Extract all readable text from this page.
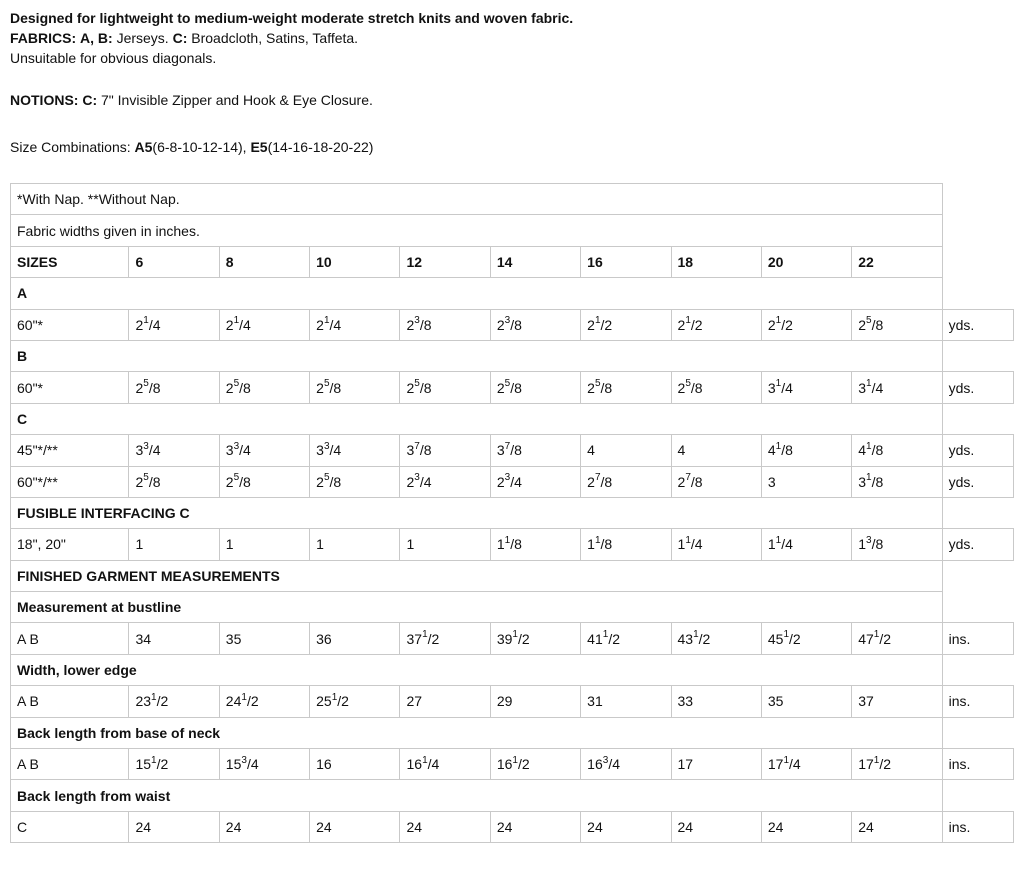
Designed for lightweight to medium-weight moderate stretch knits and woven fabric.

FABRICS: A, B: Jerseys. C: Broadcloth, Satins, Taffeta.

Unsuitable for obvious diagonals.

NOTIONS: C: 7" Invisible Zipper and Hook & Eye Closure.

Size Combinations: A5(6-8-10-12-14), E5(14-16-18-20-22)

*With Nap. **Without Nap.										
Fabric widths given in inches.										
SIZES	6	8	10	12	14	16	18	20	22	
A										
60"*	$2^1/4$	$2^1/4$	$2^1/4$	$2^3/8$	$2^3/8$	$2^1/2$	$2^1/2$	$2^1/2$	$2^5/8$	yds.
B										
60"*	$2^5/8$	$2^5/8$	$2^5/8$	$2^5/8$	$2^5/8$	$2^5/8$	$2^5/8$	$3^1/4$	$3^1/4$	yds.
C										
45"*/**	$3^3/4$	$3^3/4$	$3^3/4$	$3^7/8$	$3^7/8$	4	4	$4^1/8$	$4^1/8$	yds.
60"*/**	$2^5/8$	$2^5/8$	$2^5/8$	$2^3/4$	$2^3/4$	$2^7/8$	$2^7/8$	3	$3^1/8$	yds.
FUSIBLE INTERFACING C										
18", 20"	1	1	1	1	$1^1/8$	$1^1/8$	$1^1/4$	$1^1/4$	$1^3/8$	yds.
FINISHED GARMENT MEASUREMENTS										
Measurement at bustline										
A B	34	35	36	$37^1/2$	$39^1/2$	$41^1/2$	$43^1/2$	$45^1/2$	$47^1/2$	ins.
Width, lower edge										
A B	$23^1/2$	$24^1/2$	$25^1/2$	27	29	31	33	35	37	ins.
Back length from base of neck										
A B	$15^1/2$	$15^3/4$	16	$16^1/4$	$16^1/2$	$16^3/4$	17	$17^1/4$	$17^1/2$	ins.
Back length from waist										
C	24	24	24	24	24	24	24	24	24	ins.
